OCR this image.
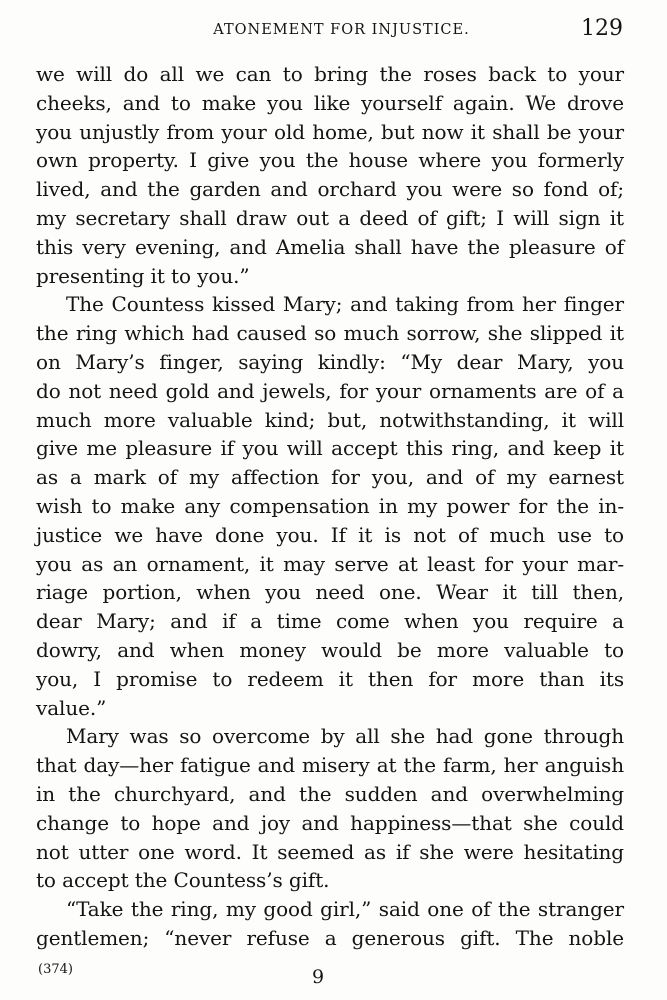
ATONEMENT FOR INJUSTICE.	129
we will do all we can to bring the roses back to your
cheeks, and to make you like yourself again. We drove
you unjustly from your old home, but now it shall be your
own property. I give you the house where you formerly
lived, and the garden and orchard you were so fond of;
my secretary shall draw out a deed of gift; I will sign it
this very evening, and Amelia shall have the pleasure of
presenting it to you.”
The Countess kissed Mary; and taking from her finger
the ring which had caused so much sorrow, she slipped it
on Mary’s finger, saying kindly: “My dear Mary, you
do not need gold and jewels, for your ornaments are of a
much more valuable kind; but, notwithstanding, it will
give me pleasure if you will accept this ring, and keep it
as a mark of my affection for you, and of my earnest
wish to make any compensation in my power for the in-
justice we have done you. If it is not of much use to
you as an ornament, it may serve at least for your mar-
riage portion, when you need one. Wear it till then,
dear Mary; and if a time come when you require a
dowry, and when money would be more valuable to
you, I promise to redeem it then for more than its
value.”
Mary was so overcome by all she had gone through
that day—her fatigue and misery at the farm, her anguish
in the churchyard, and the sudden and overwhelming
change to hope and joy and happiness—that she could
not utter one word. It seemed as if she were hesitating
to accept the Countess’s gift.
“Take the ring, my good girl,” said one of the stranger
gentlemen; “never refuse a generous gift. The noble
(374)	9
